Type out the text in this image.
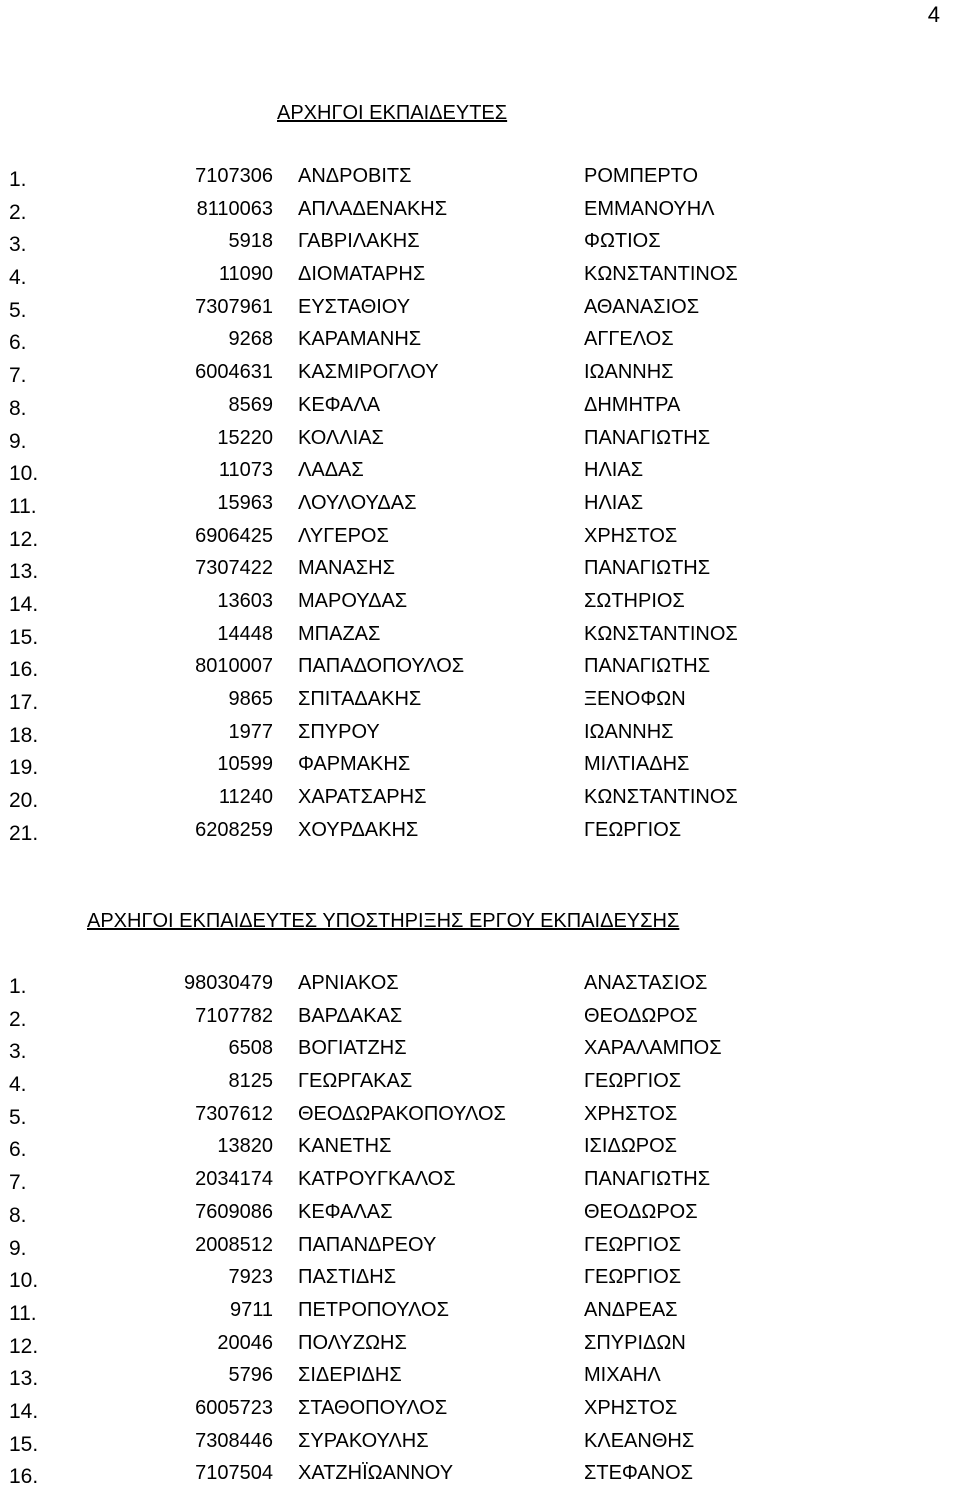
4
ΑΡΧΗΓΟΙ ΕΚΠΑΙΔΕΥΤΕΣ
1.	7107306 ΑΝΔΡΟΒΙΤΣ	ΡΟΜΠΕΡΤΟ
2.	8110063 ΑΠΛΑΔΕΝΑΚΗΣ	ΕΜΜΑΝΟΥΗΛ
3.	5918 ΓΑΒΡΙΛΑΚΗΣ	ΦΩΤΙΟΣ
4.	11090 ΔΙΟΜΑΤΑΡΗΣ	ΚΩΝΣΤΑΝΤΙΝΟΣ
5.	7307961 ΕΥΣΤΑΘΙΟΥ	ΑΘΑΝΑΣΙΟΣ
6.	9268 ΚΑΡΑΜΑΝΗΣ	ΑΓΓΕΛΟΣ
7.	6004631 ΚΑΣΜΙΡΟΓΛΟΥ	ΙΩΑΝΝΗΣ
8.	8569 ΚΕΦΑΛΑ	ΔΗΜΗΤΡΑ
9.	15220 ΚΟΛΛΙΑΣ	ΠΑΝΑΓΙΩΤΗΣ
10.	11073 ΛΑΔΑΣ	ΗΛΙΑΣ
11.	15963 ΛΟΥΛΟΥΔΑΣ	ΗΛΙΑΣ
12.	6906425 ΛΥΓΕΡΟΣ	ΧΡΗΣΤΟΣ
13.	7307422 ΜΑΝΑΣΗΣ	ΠΑΝΑΓΙΩΤΗΣ
14.	13603 ΜΑΡΟΥΔΑΣ	ΣΩΤΗΡΙΟΣ
15.	14448 ΜΠΑΖΑΣ	ΚΩΝΣΤΑΝΤΙΝΟΣ
16.	8010007 ΠΑΠΑΔΟΠΟΥΛΟΣ	ΠΑΝΑΓΙΩΤΗΣ
17.	9865 ΣΠΙΤΑΔΑΚΗΣ	ΞΕΝΟΦΩΝ
18.	1977 ΣΠΥΡΟΥ	ΙΩΑΝΝΗΣ
19.	10599 ΦΑΡΜΑΚΗΣ	ΜΙΛΤΙΑΔΗΣ
20.	11240 ΧΑΡΑΤΣΑΡΗΣ	ΚΩΝΣΤΑΝΤΙΝΟΣ
21.	6208259 ΧΟΥΡΔΑΚΗΣ	ΓΕΩΡΓΙΟΣ
ΑΡΧΗΓΟΙ ΕΚΠΑΙΔΕΥΤΕΣ ΥΠΟΣΤΗΡΙΞΗΣ ΕΡΓΟΥ ΕΚΠΑΙΔΕΥΣΗΣ
1.	98030479 ΑΡΝΙΑΚΟΣ	ΑΝΑΣΤΑΣΙΟΣ
2.	7107782 ΒΑΡΔΑΚΑΣ	ΘΕΟΔΩΡΟΣ
3.	6508 ΒΟΓΙΑΤΖΗΣ	ΧΑΡΑΛΑΜΠΟΣ
4.	8125 ΓΕΩΡΓΑΚΑΣ	ΓΕΩΡΓΙΟΣ
5.	7307612 ΘΕΟΔΩΡΑΚΟΠΟΥΛΟΣ	ΧΡΗΣΤΟΣ
6.	13820 ΚΑΝΕΤΗΣ	ΙΣΙΔΩΡΟΣ
7.	2034174 ΚΑΤΡΟΥΓΚΑΛΟΣ	ΠΑΝΑΓΙΩΤΗΣ
8.	7609086 ΚΕΦΑΛΑΣ	ΘΕΟΔΩΡΟΣ
9.	2008512 ΠΑΠΑΝΔΡΕΟΥ	ΓΕΩΡΓΙΟΣ
10.	7923 ΠΑΣΤΙΔΗΣ	ΓΕΩΡΓΙΟΣ
11.	9711 ΠΕΤΡΟΠΟΥΛΟΣ	ΑΝΔΡΕΑΣ
12.	20046 ΠΟΛΥΖΩΗΣ	ΣΠΥΡΙΔΩΝ
13.	5796 ΣΙΔΕΡΙΔΗΣ	ΜΙΧΑΗΛ
14.	6005723 ΣΤΑΘΟΠΟΥΛΟΣ	ΧΡΗΣΤΟΣ
15.	7308446 ΣΥΡΑΚΟΥΛΗΣ	ΚΛΕΑΝΘΗΣ
16.	7107504 ΧΑΤΖΗΪΩΑΝΝΟΥ	ΣΤΕΦΑΝΟΣ
